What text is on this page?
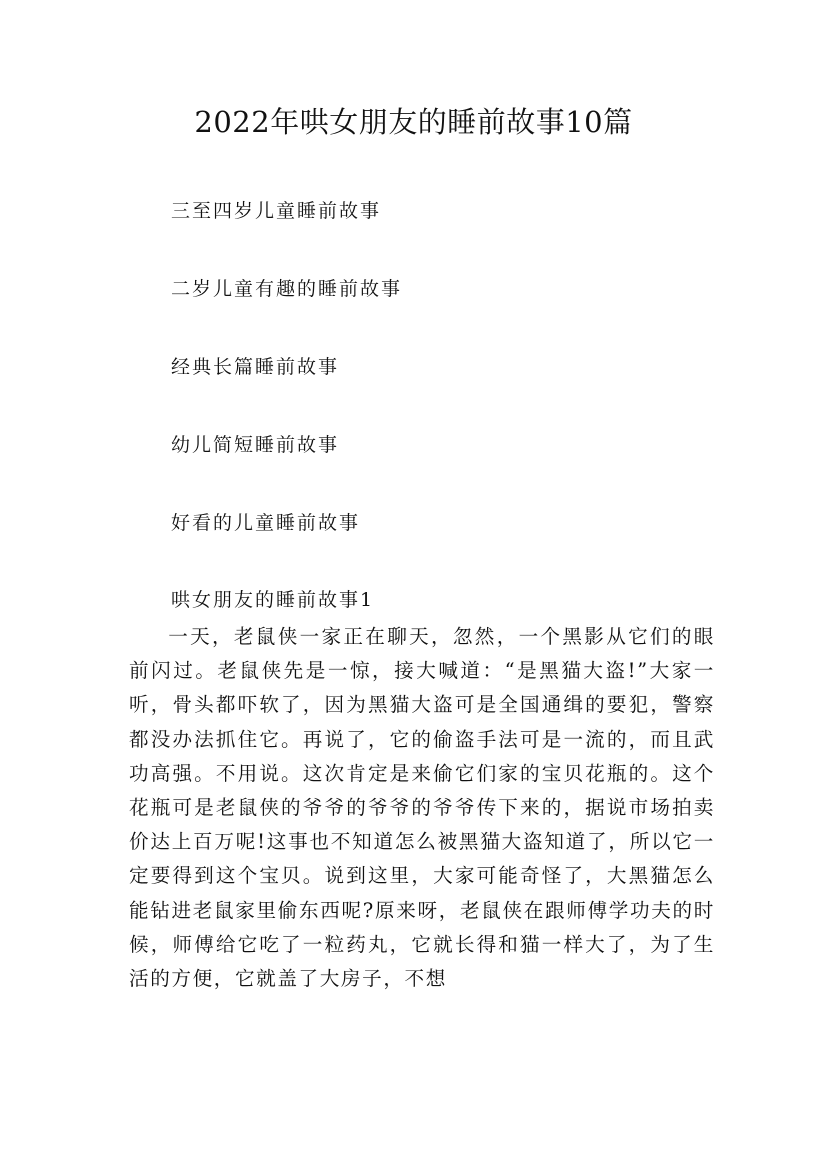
2022年哄女朋友的睡前故事10篇
三至四岁儿童睡前故事
二岁儿童有趣的睡前故事
经典长篇睡前故事
幼儿简短睡前故事
好看的儿童睡前故事
哄女朋友的睡前故事1

一天，老鼠侠一家正在聊天，忽然，一个黑影从它们的眼前闪过。老鼠侠先是一惊，接大喊道：“是黑猫大盗!”大家一听，骨头都吓软了，因为黑猫大盗可是全国通缉的要犯，警察都没办法抓住它。再说了，它的偷盗手法可是一流的，而且武功高强。不用说。这次肯定是来偷它们家的宝贝花瓶的。这个花瓶可是老鼠侠的爷爷的爷爷的爷爷传下来的，据说市场拍卖价达上百万呢!这事也不知道怎么被黑猫大盗知道了，所以它一定要得到这个宝贝。说到这里，大家可能奇怪了，大黑猫怎么能钻进老鼠家里偷东西呢?原来呀，老鼠侠在跟师傅学功夫的时候，师傅给它吃了一粒药丸，它就长得和猫一样大了，为了生活的方便，它就盖了大房子，不想
